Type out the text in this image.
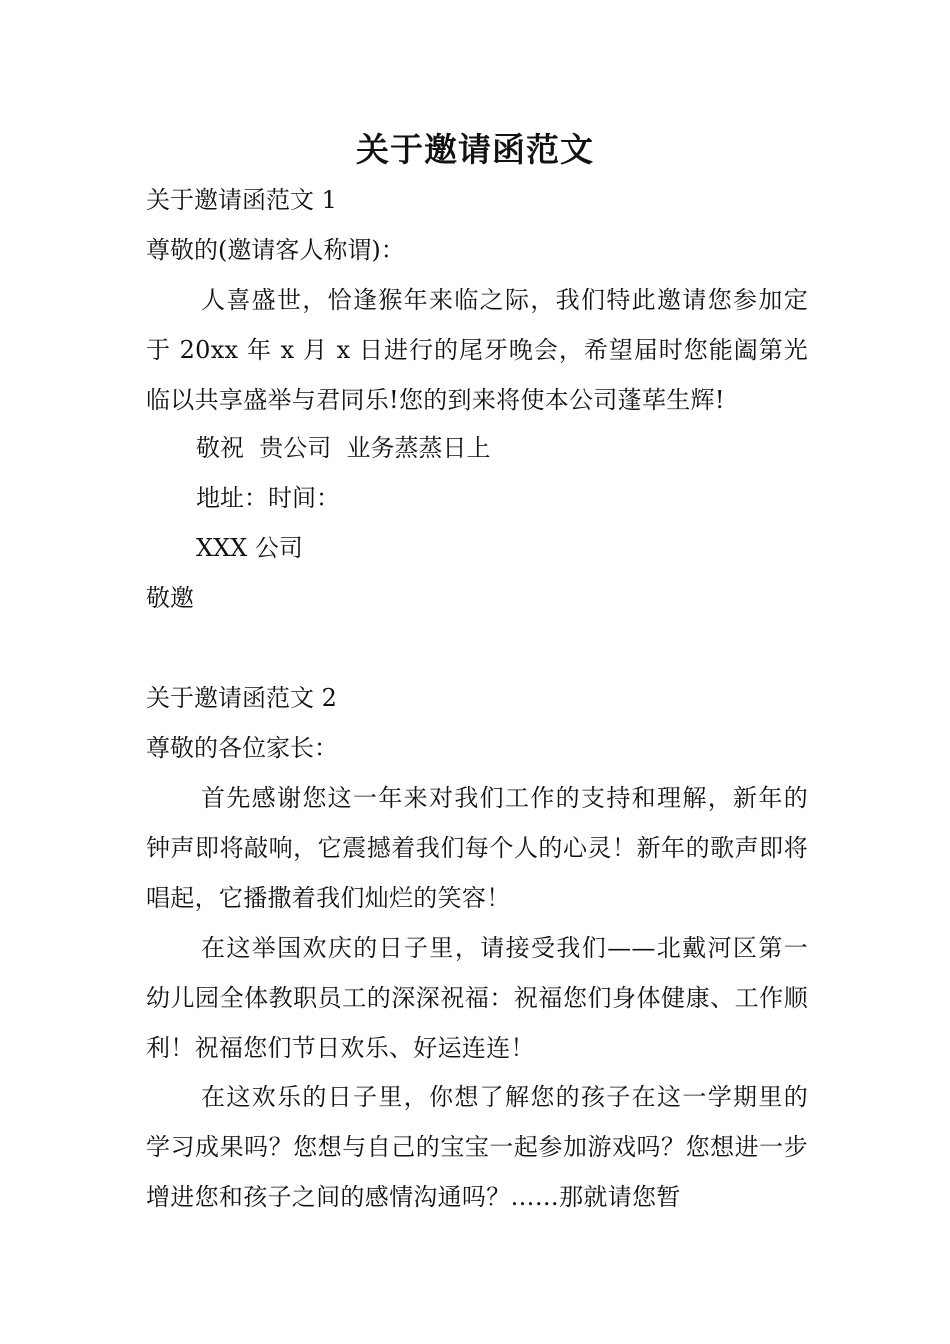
关于邀请函范文
关于邀请函范文 1
尊敬的(邀请客人称谓)：
人喜盛世，恰逢猴年来临之际，我们特此邀请您参加定于 20xx 年 x 月 x 日进行的尾牙晚会，希望届时您能阖第光临以共享盛举与君同乐!您的到来将使本公司蓬荜生辉!
敬祝  贵公司  业务蒸蒸日上
地址：时间：
XXX 公司
敬邀
关于邀请函范文 2
尊敬的各位家长：
首先感谢您这一年来对我们工作的支持和理解，新年的钟声即将敲响，它震撼着我们每个人的心灵！新年的歌声即将唱起，它播撒着我们灿烂的笑容！
在这举国欢庆的日子里，请接受我们——北戴河区第一幼儿园全体教职员工的深深祝福：祝福您们身体健康、工作顺利！祝福您们节日欢乐、好运连连！
在这欢乐的日子里，你想了解您的孩子在这一学期里的学习成果吗？您想与自己的宝宝一起参加游戏吗？您想进一步增进您和孩子之间的感情沟通吗？……那就请您暂
